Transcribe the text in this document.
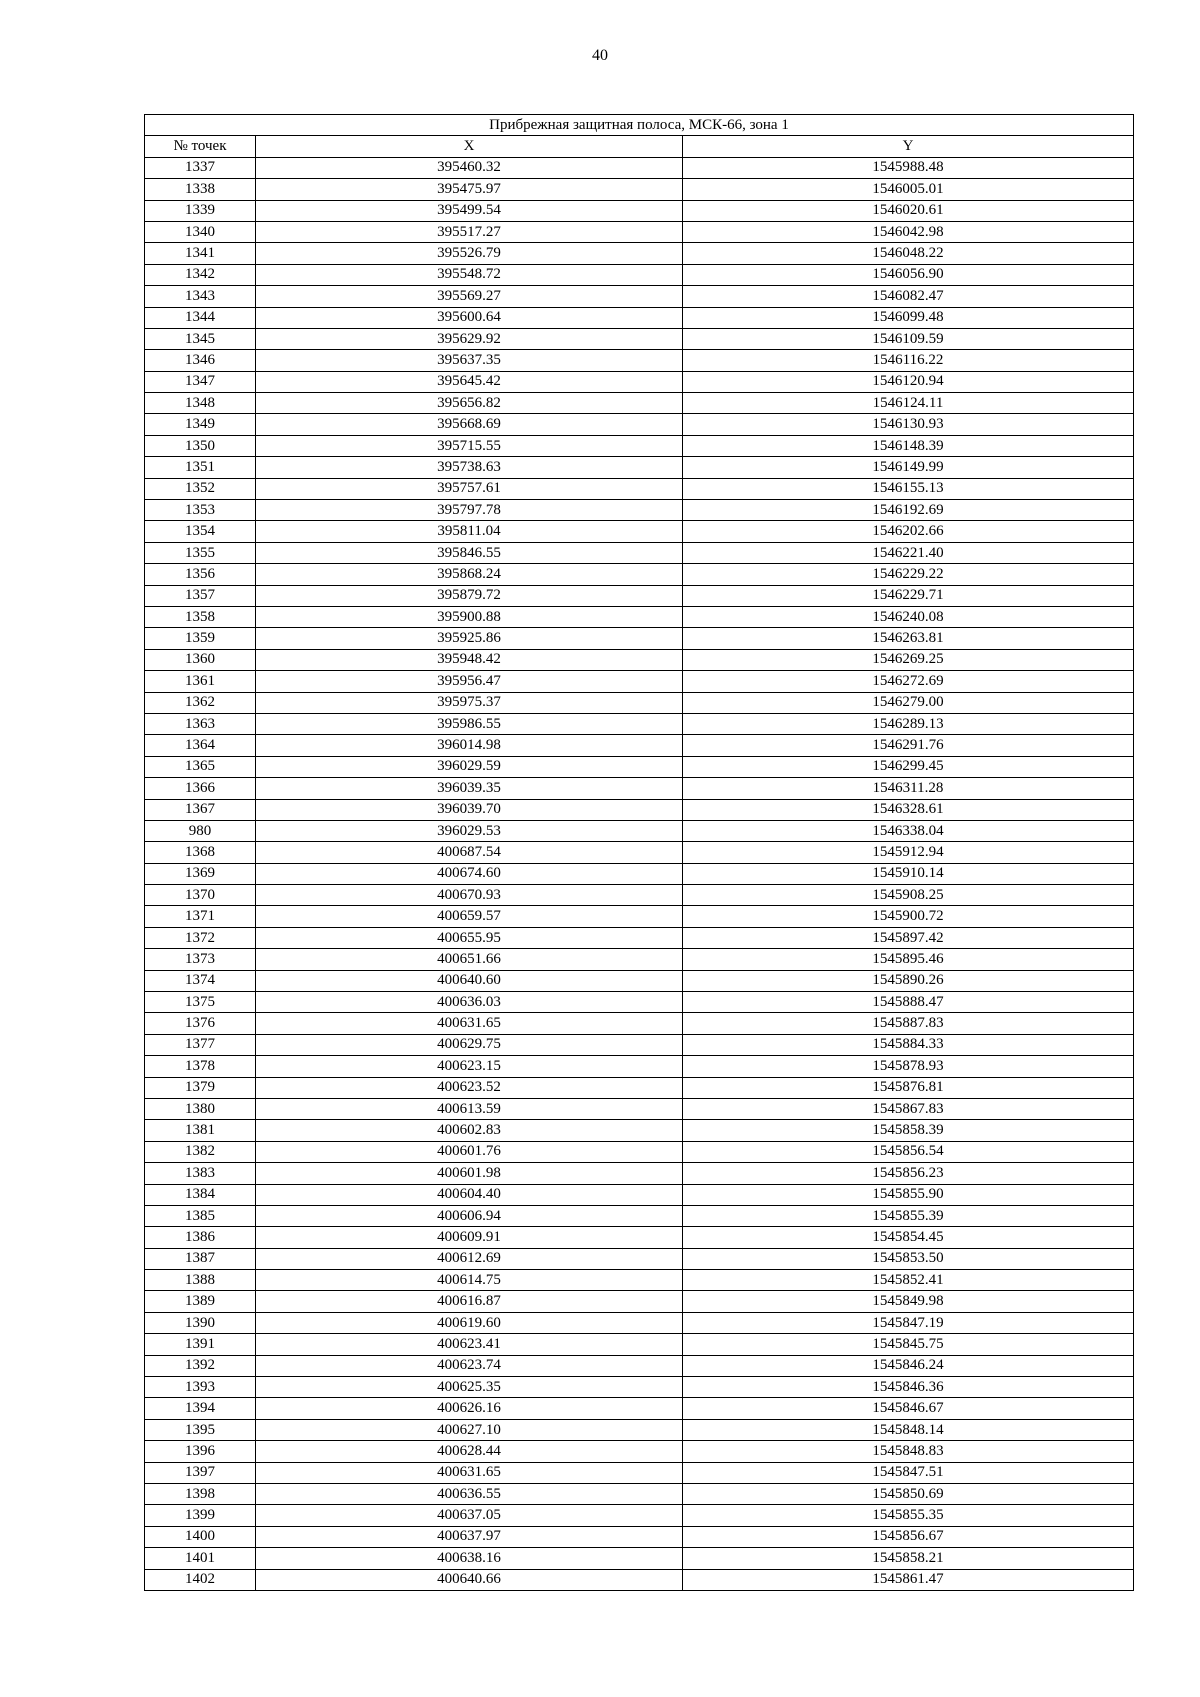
40
Прибрежная защитная полоса, МСК-66, зона 1		
№ точек	X	Y
1337	395460.32	1545988.48
1338	395475.97	1546005.01
1339	395499.54	1546020.61
1340	395517.27	1546042.98
1341	395526.79	1546048.22
1342	395548.72	1546056.90
1343	395569.27	1546082.47
1344	395600.64	1546099.48
1345	395629.92	1546109.59
1346	395637.35	1546116.22
1347	395645.42	1546120.94
1348	395656.82	1546124.11
1349	395668.69	1546130.93
1350	395715.55	1546148.39
1351	395738.63	1546149.99
1352	395757.61	1546155.13
1353	395797.78	1546192.69
1354	395811.04	1546202.66
1355	395846.55	1546221.40
1356	395868.24	1546229.22
1357	395879.72	1546229.71
1358	395900.88	1546240.08
1359	395925.86	1546263.81
1360	395948.42	1546269.25
1361	395956.47	1546272.69
1362	395975.37	1546279.00
1363	395986.55	1546289.13
1364	396014.98	1546291.76
1365	396029.59	1546299.45
1366	396039.35	1546311.28
1367	396039.70	1546328.61
980	396029.53	1546338.04
1368	400687.54	1545912.94
1369	400674.60	1545910.14
1370	400670.93	1545908.25
1371	400659.57	1545900.72
1372	400655.95	1545897.42
1373	400651.66	1545895.46
1374	400640.60	1545890.26
1375	400636.03	1545888.47
1376	400631.65	1545887.83
1377	400629.75	1545884.33
1378	400623.15	1545878.93
1379	400623.52	1545876.81
1380	400613.59	1545867.83
1381	400602.83	1545858.39
1382	400601.76	1545856.54
1383	400601.98	1545856.23
1384	400604.40	1545855.90
1385	400606.94	1545855.39
1386	400609.91	1545854.45
1387	400612.69	1545853.50
1388	400614.75	1545852.41
1389	400616.87	1545849.98
1390	400619.60	1545847.19
1391	400623.41	1545845.75
1392	400623.74	1545846.24
1393	400625.35	1545846.36
1394	400626.16	1545846.67
1395	400627.10	1545848.14
1396	400628.44	1545848.83
1397	400631.65	1545847.51
1398	400636.55	1545850.69
1399	400637.05	1545855.35
1400	400637.97	1545856.67
1401	400638.16	1545858.21
1402	400640.66	1545861.47
